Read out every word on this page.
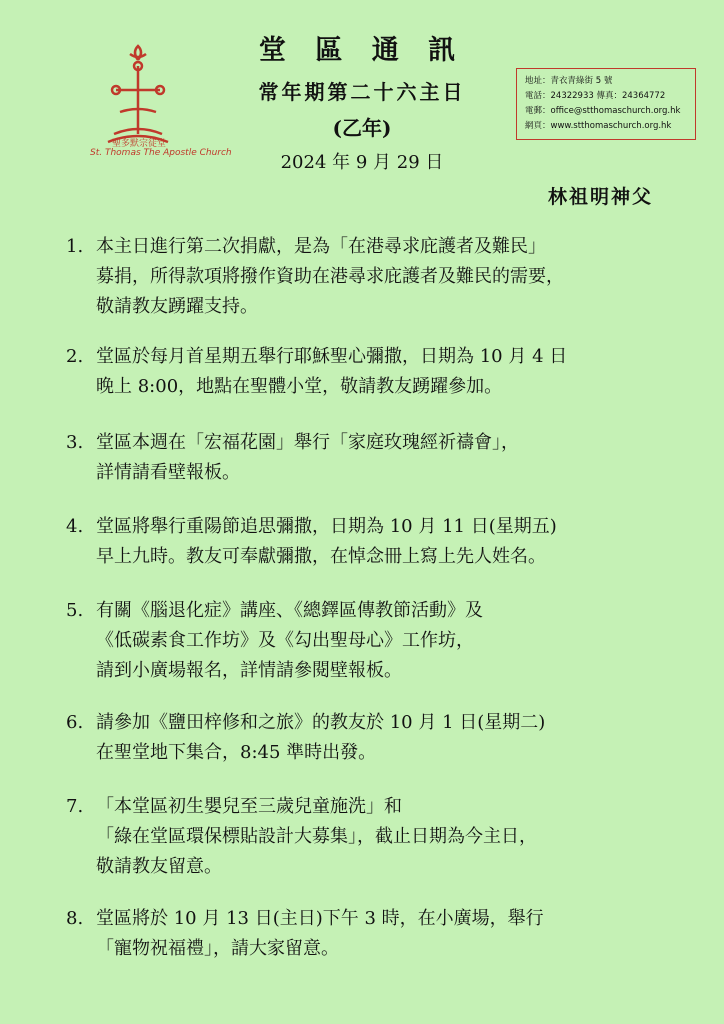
聖多默宗徒堂
St. Thomas The Apostle Church
堂 區 通 訊
常年期第二十六主日
(乙年)
2024 年 9 月 29 日
地址：青衣青綠街 5 號
電話：24322933 傳真：24364772
電郵：office@stthomaschurch.org.hk
網頁：www.stthomaschurch.org.hk
林祖明神父
1. 本主日進行第二次捐獻，是為「在港尋求庇護者及難民」
募捐，所得款項將撥作資助在港尋求庇護者及難民的需要，
敬請教友踴躍支持。
2. 堂區於每月首星期五舉行耶穌聖心彌撒，日期為 10 月 4 日
晚上 8:00，地點在聖體小堂，敬請教友踴躍參加。
3. 堂區本週在「宏福花園」舉行「家庭玫瑰經祈禱會」，
詳情請看壁報板。
4. 堂區將舉行重陽節追思彌撒，日期為 10 月 11 日(星期五)
早上九時。教友可奉獻彌撒，在悼念冊上寫上先人姓名。
5. 有關《腦退化症》講座、《總鐸區傳教節活動》及
《低碳素食工作坊》及《勾出聖母心》工作坊，
請到小廣場報名，詳情請參閱壁報板。
6. 請參加《鹽田梓修和之旅》的教友於 10 月 1 日(星期二)
在聖堂地下集合，8:45 準時出發。
7. 「本堂區初生嬰兒至三歲兒童施洗」和
「綠在堂區環保標貼設計大募集」，截止日期為今主日，
敬請教友留意。
8. 堂區將於 10 月 13 日(主日)下午 3 時，在小廣場，舉行
「寵物祝福禮」，請大家留意。
